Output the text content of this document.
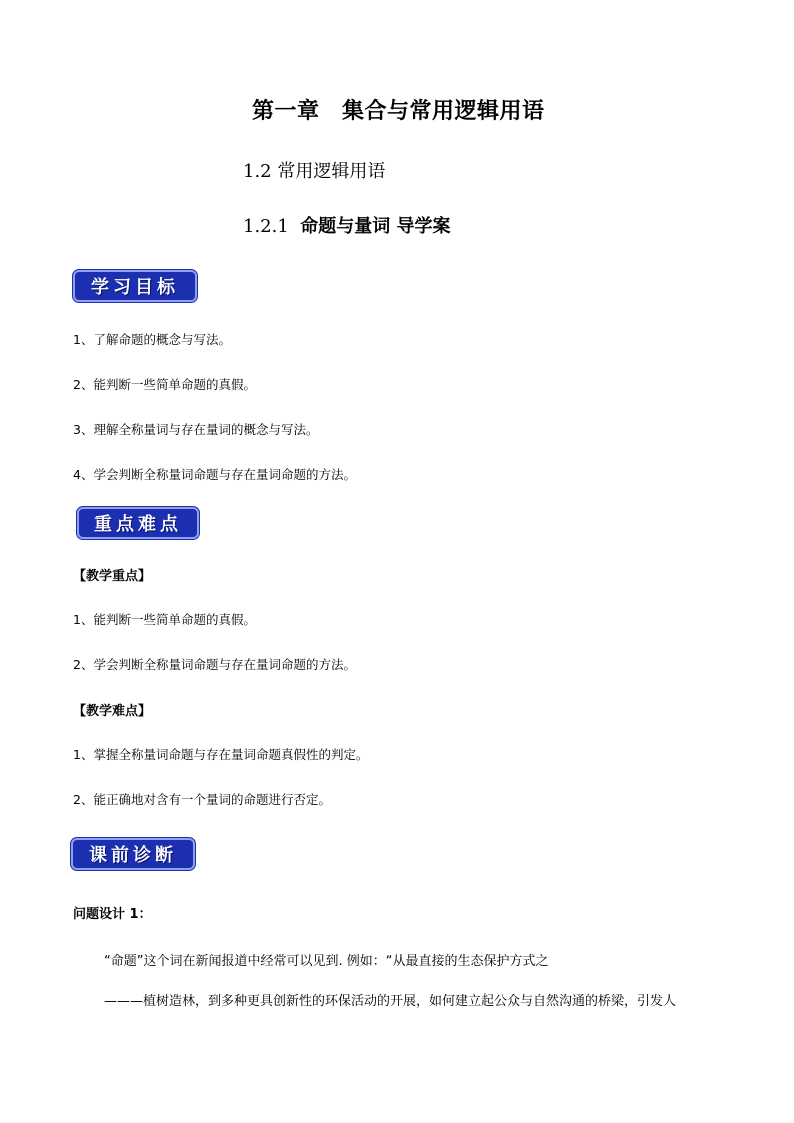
第一章　集合与常用逻辑用语
1.2 常用逻辑用语
1.2.1  命题与量词 导学案
学习目标
1、了解命题的概念与写法。
2、能判断一些简单命题的真假。
3、理解全称量词与存在量词的概念与写法。
4、学会判断全称量词命题与存在量词命题的方法。
重点难点
【教学重点】
1、能判断一些简单命题的真假。
2、学会判断全称量词命题与存在量词命题的方法。
【教学难点】
1、掌握全称量词命题与存在量词命题真假性的判定。
2、能正确地对含有一个量词的命题进行否定。
课前诊断
问题设计 1：
“命题”这个词在新闻报道中经常可以见到. 例如：“从最直接的生态保护方式之
———植树造林，到多种更具创新性的环保活动的开展，如何建立起公众与自然沟通的桥梁，引发人
